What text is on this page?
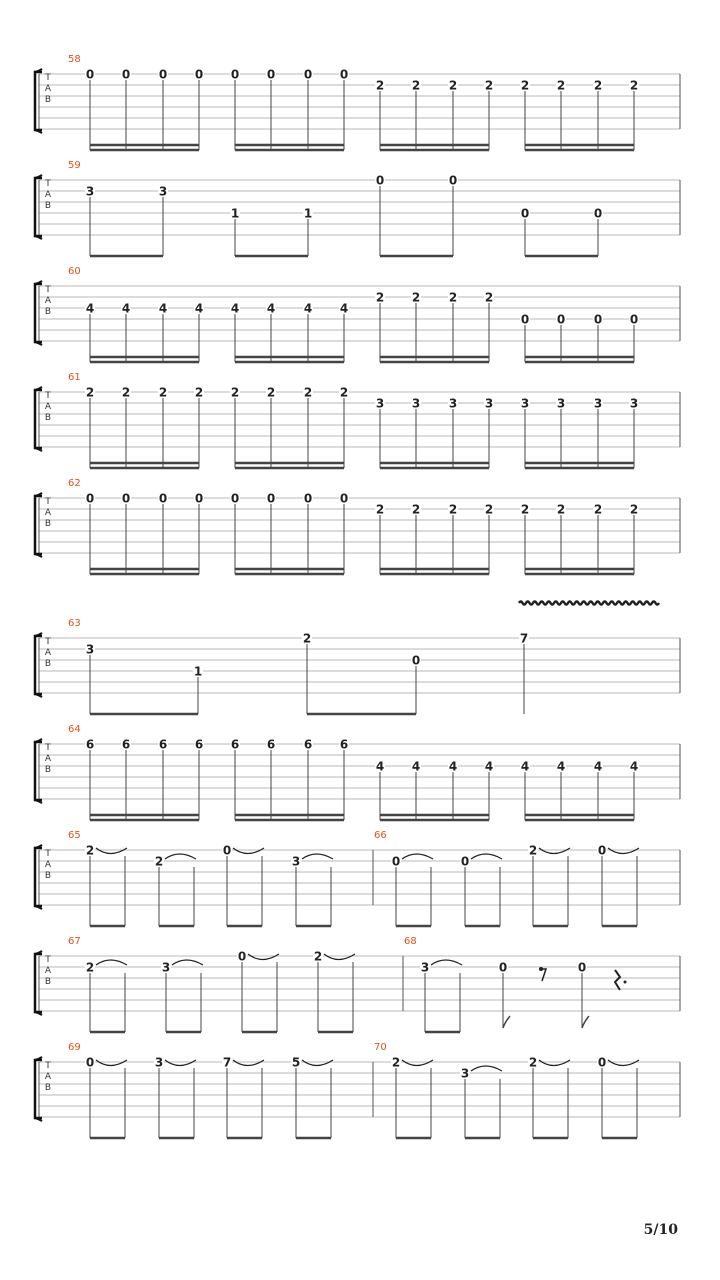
T
A
B
58
0 0 0 0 0 0 0 0
2 2 2 2 2 2 2 2
T
A
B
59
3	3
1	1
0	0
0	0
T
A
B
60
4 4 4 4 4 4 4 4
2 2 2 2
0 0 0 0
T
A
B
61
2 2 2 2 2 2 2 2
3 3 3 3 3 3 3 3
T
A
B
62
0 0 0 0 0 0 0 0
2 2 2 2 2 2 2 2
T
A
B
63
3
1
2
0
7
T
A
B
64
6 6 6 6 6 6 6 6
4 4 4 4 4 4 4 4
T
A
B
65	66
2
2
0
3	0	0
2	0
T
A
B
67	68
2	3
0	2
3	0	0
T
A
B
69	70
0	3	7	5	2
3
2	0
5/10
